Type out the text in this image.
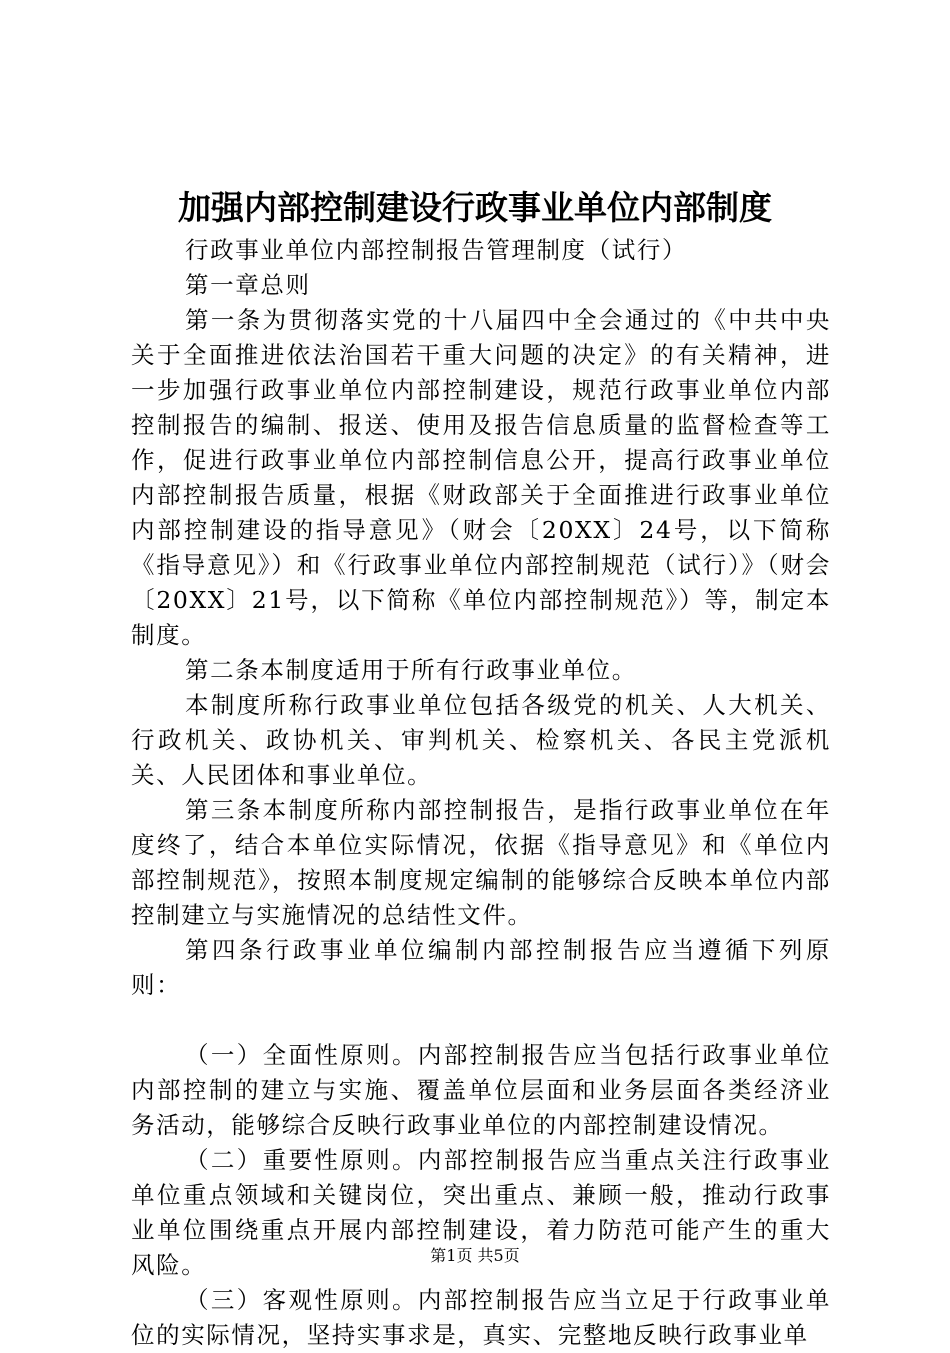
加强内部控制建设行政事业单位内部制度

行政事业单位内部控制报告管理制度（试行）

第一章总则

第一条为贯彻落实党的十八届四中全会通过的《中共中央关于全面推进依法治国若干重大问题的决定》的有关精神，进一步加强行政事业单位内部控制建设，规范行政事业单位内部控制报告的编制、报送、使用及报告信息质量的监督检查等工作，促进行政事业单位内部控制信息公开，提高行政事业单位内部控制报告质量，根据《财政部关于全面推进行政事业单位内部控制建设的指导意见》（财会〔20XX〕24号，以下简称《指导意见》）和《行政事业单位内部控制规范（试行）》（财会〔20XX〕21号，以下简称《单位内部控制规范》）等，制定本制度。

第二条本制度适用于所有行政事业单位。

本制度所称行政事业单位包括各级党的机关、人大机关、行政机关、政协机关、审判机关、检察机关、各民主党派机关、人民团体和事业单位。

第三条本制度所称内部控制报告，是指行政事业单位在年度终了，结合本单位实际情况，依据《指导意见》和《单位内部控制规范》，按照本制度规定编制的能够综合反映本单位内部控制建立与实施情况的总结性文件。

第四条行政事业单位编制内部控制报告应当遵循下列原则：

（一）全面性原则。内部控制报告应当包括行政事业单位内部控制的建立与实施、覆盖单位层面和业务层面各类经济业务活动，能够综合反映行政事业单位的内部控制建设情况。

（二）重要性原则。内部控制报告应当重点关注行政事业单位重点领域和关键岗位，突出重点、兼顾一般，推动行政事业单位围绕重点开展内部控制建设，着力防范可能产生的重大风险。

（三）客观性原则。内部控制报告应当立足于行政事业单位的实际情况，坚持实事求是，真实、完整地反映行政事业单

第1页 共5页
